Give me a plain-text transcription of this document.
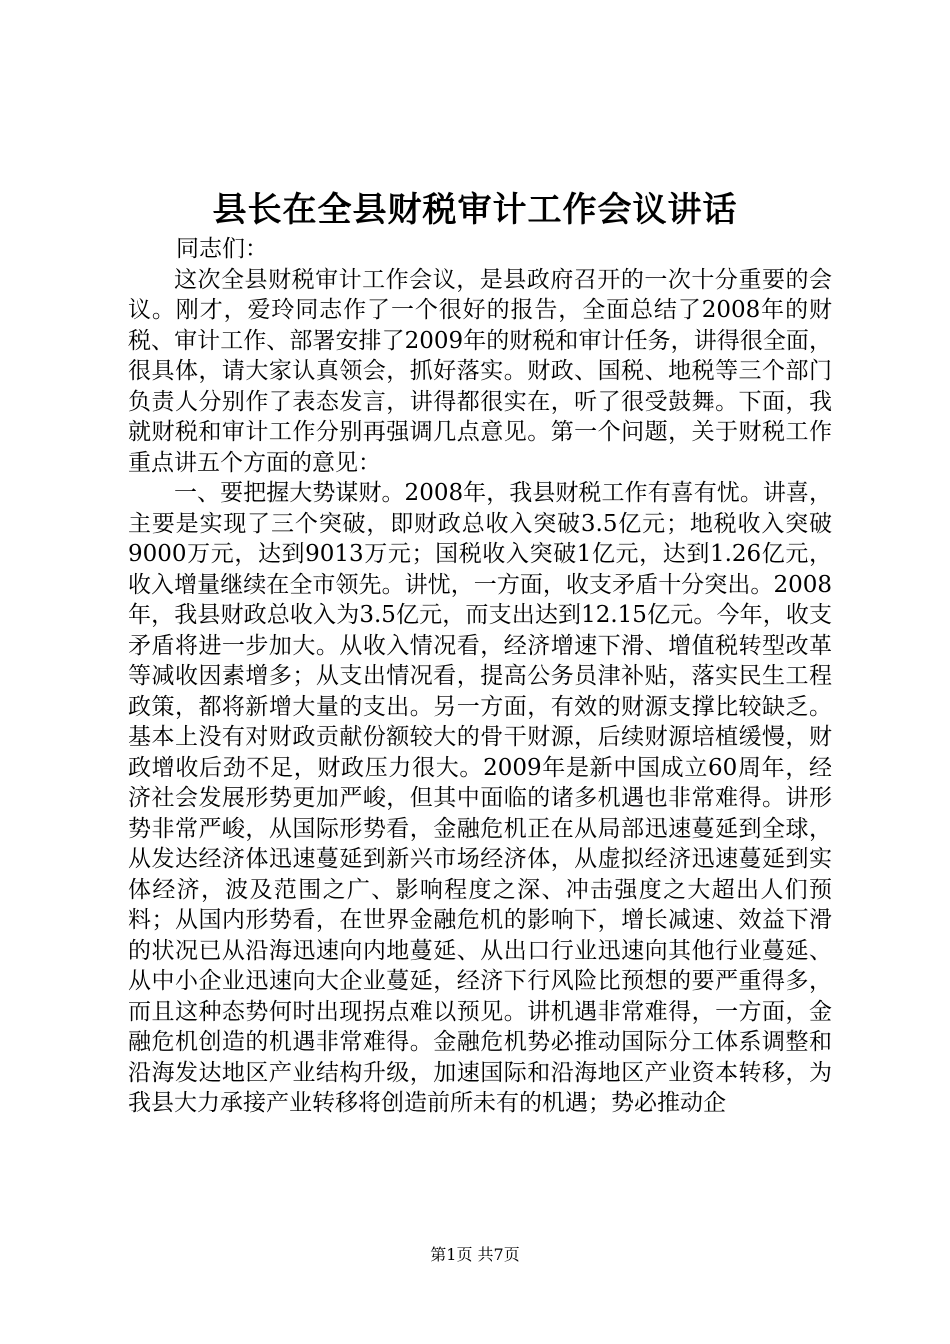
县长在全县财税审计工作会议讲话

同志们：

这次全县财税审计工作会议，是县政府召开的一次十分重要的会议。刚才，爱玲同志作了一个很好的报告，全面总结了2008年的财税、审计工作、部署安排了2009年的财税和审计任务，讲得很全面，很具体，请大家认真领会，抓好落实。财政、国税、地税等三个部门负责人分别作了表态发言，讲得都很实在，听了很受鼓舞。下面，我就财税和审计工作分别再强调几点意见。第一个问题，关于财税工作重点讲五个方面的意见：

一、要把握大势谋财。2008年，我县财税工作有喜有忧。讲喜，主要是实现了三个突破，即财政总收入突破3.5亿元；地税收入突破9000万元，达到9013万元；国税收入突破1亿元，达到1.26亿元，收入增量继续在全市领先。讲忧，一方面，收支矛盾十分突出。2008年，我县财政总收入为3.5亿元，而支出达到12.15亿元。今年，收支矛盾将进一步加大。从收入情况看，经济增速下滑、增值税转型改革等减收因素增多；从支出情况看，提高公务员津补贴，落实民生工程政策，都将新增大量的支出。另一方面，有效的财源支撑比较缺乏。基本上没有对财政贡献份额较大的骨干财源，后续财源培植缓慢，财政增收后劲不足，财政压力很大。2009年是新中国成立60周年，经济社会发展形势更加严峻，但其中面临的诸多机遇也非常难得。讲形势非常严峻，从国际形势看，金融危机正在从局部迅速蔓延到全球，从发达经济体迅速蔓延到新兴市场经济体，从虚拟经济迅速蔓延到实体经济，波及范围之广、影响程度之深、冲击强度之大超出人们预料；从国内形势看，在世界金融危机的影响下，增长减速、效益下滑的状况已从沿海迅速向内地蔓延、从出口行业迅速向其他行业蔓延、从中小企业迅速向大企业蔓延，经济下行风险比预想的要严重得多，而且这种态势何时出现拐点难以预见。讲机遇非常难得，一方面，金融危机创造的机遇非常难得。金融危机势必推动国际分工体系调整和沿海发达地区产业结构升级，加速国际和沿海地区产业资本转移，为我县大力承接产业转移将创造前所未有的机遇；势必推动企

第1页 共7页
